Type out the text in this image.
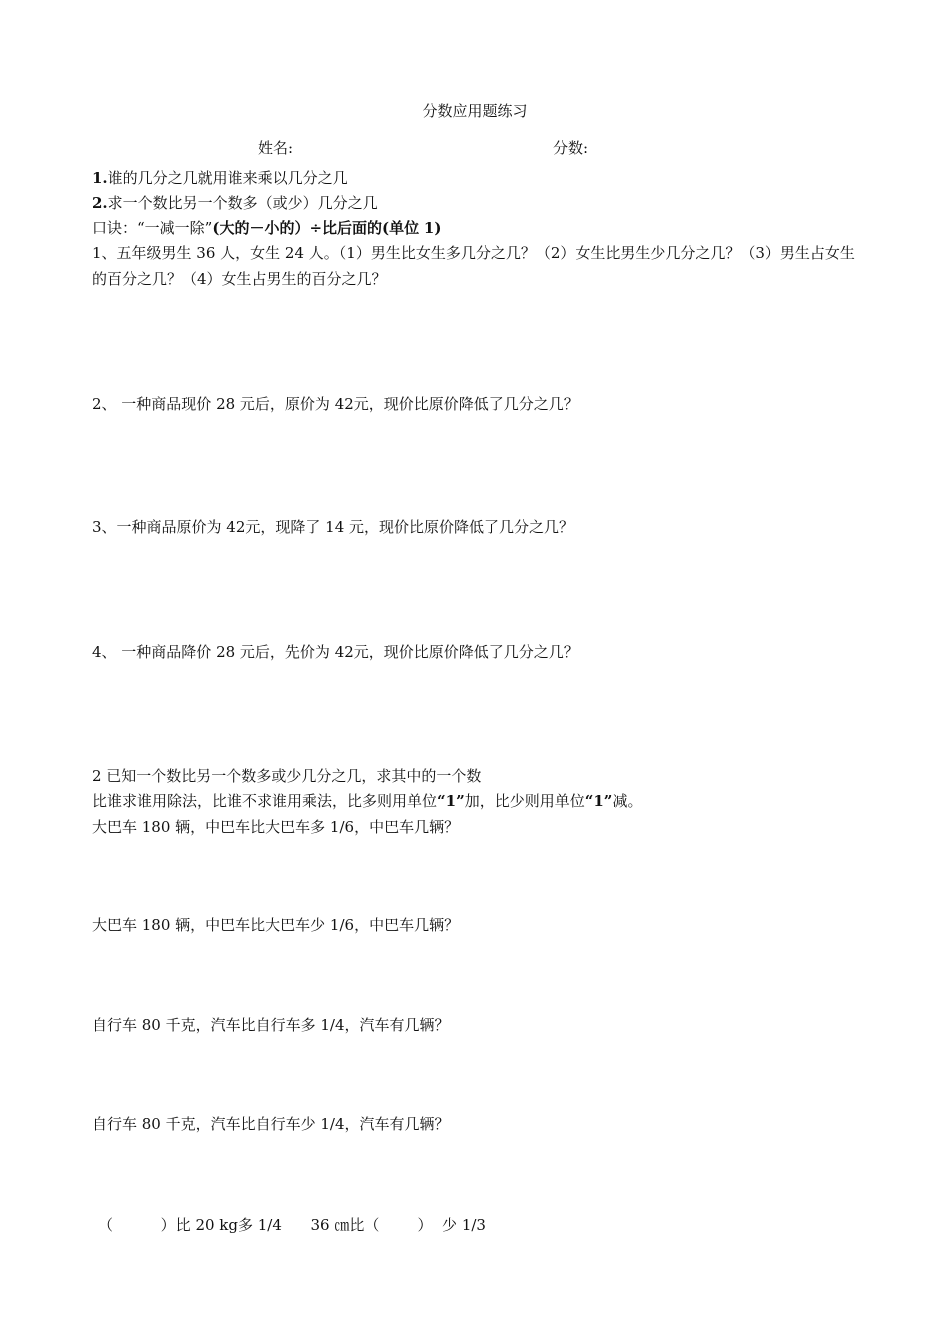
分数应用题练习
姓名:	分数:
1.谁的几分之几就用谁来乘以几分之几
2.求一个数比另一个数多（或少）几分之几
口诀：“一减一除”(大的－小的）÷比后面的(单位 1)
1、五年级男生 36 人，女生 24 人。（1）男生比女生多几分之几？（2）女生比男生少几分之几？（3）男生占女生的百分之几？（4）女生占男生的百分之几？
2、 一种商品现价 28 元后，原价为 42元，现价比原价降低了几分之几？
3、一种商品原价为 42元，现降了 14 元，现价比原价降低了几分之几？
4、 一种商品降价 28 元后，先价为 42元，现价比原价降低了几分之几？
2 已知一个数比另一个数多或少几分之几，求其中的一个数
比谁求谁用除法，比谁不求谁用乘法，比多则用单位“1”加，比少则用单位“1”减。
大巴车 180 辆，中巴车比大巴车多 1/6，中巴车几辆？
大巴车 180 辆，中巴车比大巴车少 1/6，中巴车几辆？
自行车 80 千克，汽车比自行车多 1/4，汽车有几辆？
自行车 80 千克，汽车比自行车少 1/4，汽车有几辆？
（          ）比 20 kg多 1/4      36 ㎝比（        ）  少 1/3
